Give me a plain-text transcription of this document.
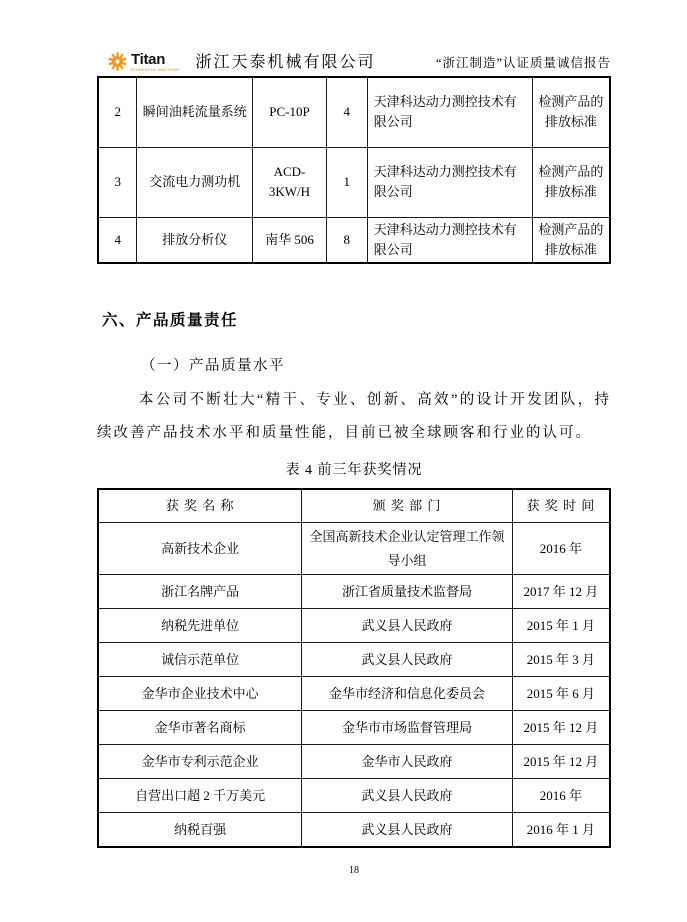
Titan
POWERFUL MACHINE 浙江天泰机械有限公司	“浙江制造”认证质量诚信报告
2	瞬间油耗流量系统	PC-10P	4	天津科达动力测控技术有限公司	检测产品的排放标准
3	交流电力测功机	ACD-3KW/H	1	天津科达动力测控技术有限公司	检测产品的排放标准
4	排放分析仪	南华 506	8	天津科达动力测控技术有限公司	检测产品的排放标准
六、产品质量责任
（一）产品质量水平

本公司不断壮大“精干、专业、创新、高效”的设计开发团队，持续改善产品技术水平和质量性能，目前已被全球顾客和行业的认可。

表 4 前三年获奖情况
获 奖 名 称	颁 奖 部 门	获 奖 时 间
高新技术企业	全国高新技术企业认定管理工作领导小组	2016 年
浙江名牌产品	浙江省质量技术监督局	2017 年 12 月
纳税先进单位	武义县人民政府	2015 年 1 月
诚信示范单位	武义县人民政府	2015 年 3 月
金华市企业技术中心	金华市经济和信息化委员会	2015 年 6 月
金华市著名商标	金华市市场监督管理局	2015 年 12 月
金华市专利示范企业	金华市人民政府	2015 年 12 月
自营出口超 2 千万美元	武义县人民政府	2016 年
纳税百强	武义县人民政府	2016 年 1 月
18
